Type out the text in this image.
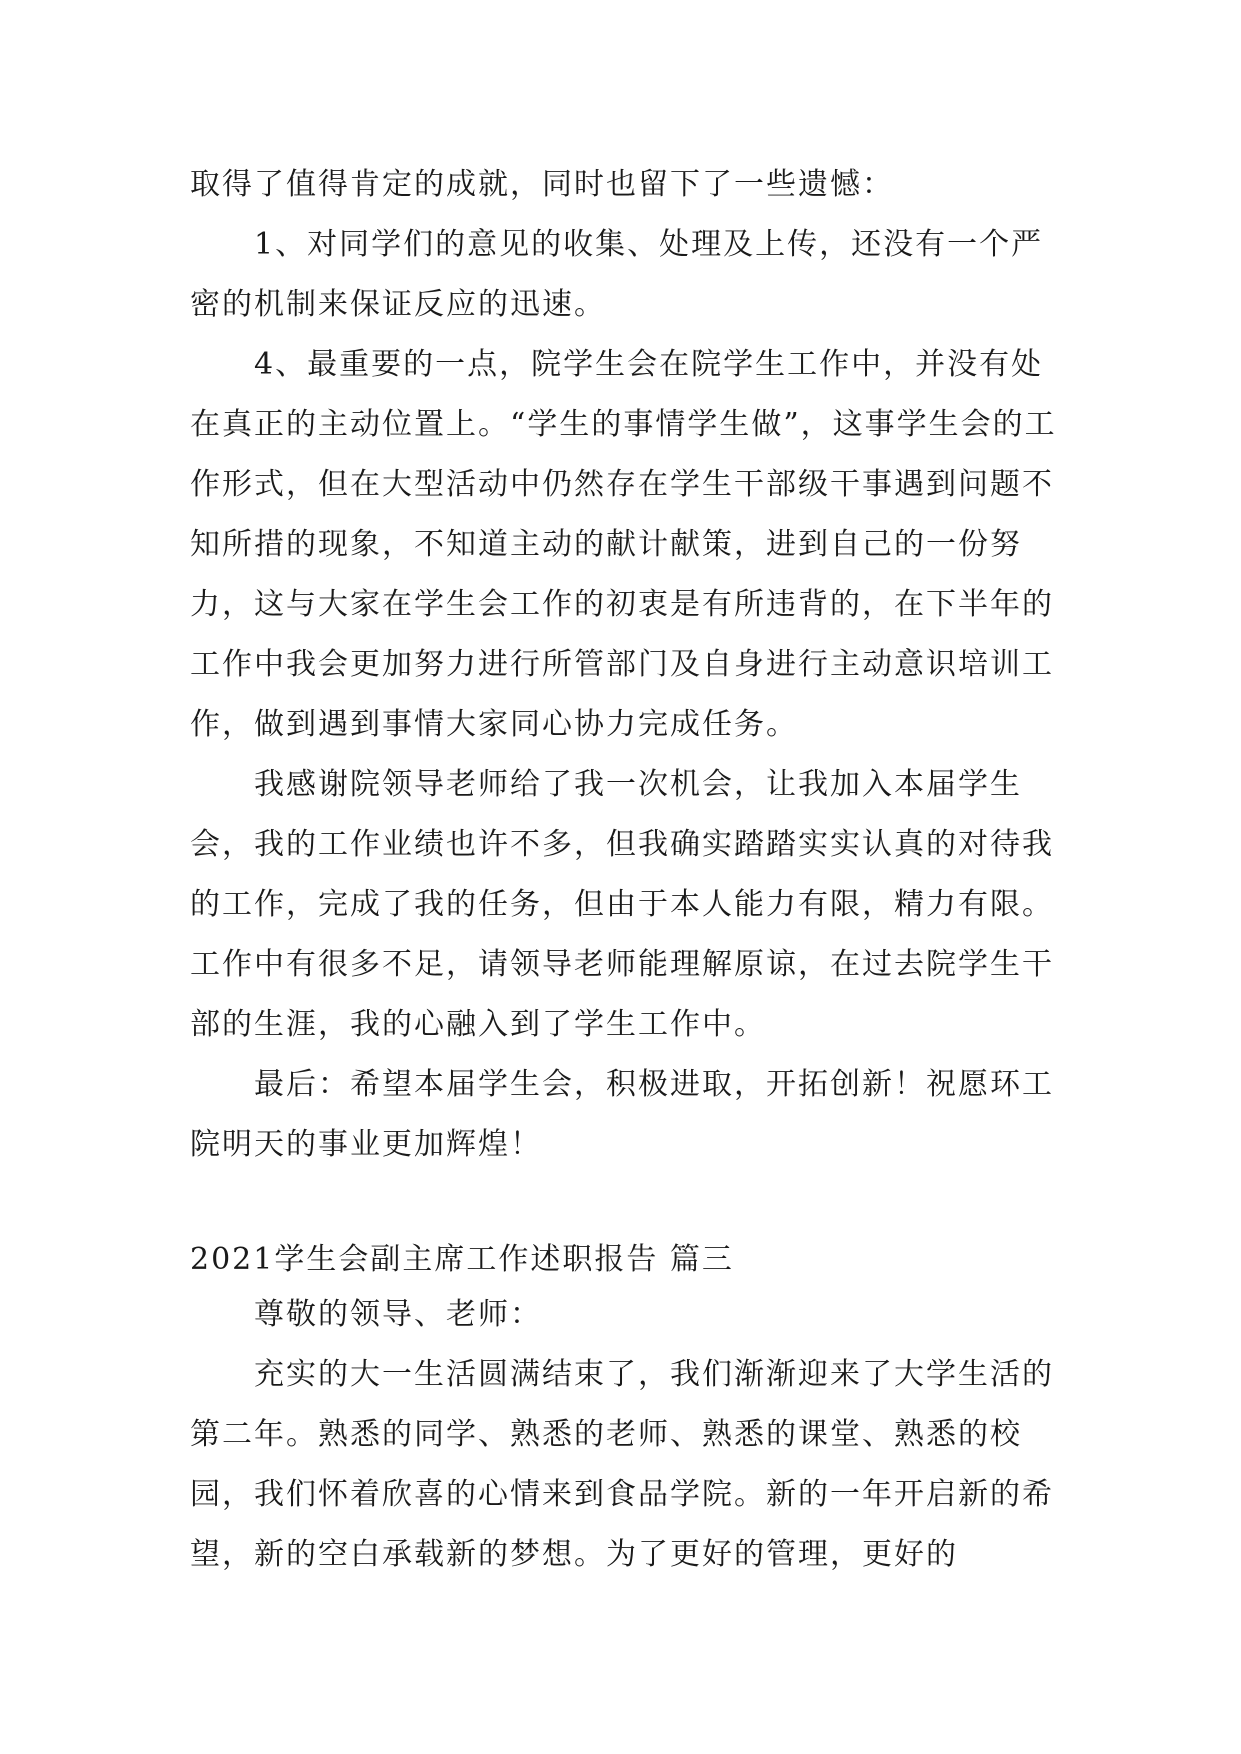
取得了值得肯定的成就，同时也留下了一些遗憾：

1、对同学们的意见的收集、处理及上传，还没有一个严密的机制来保证反应的迅速。

4、最重要的一点，院学生会在院学生工作中，并没有处在真正的主动位置上。“学生的事情学生做”，这事学生会的工作形式，但在大型活动中仍然存在学生干部级干事遇到问题不知所措的现象，不知道主动的献计献策，进到自己的一份努力，这与大家在学生会工作的初衷是有所违背的，在下半年的工作中我会更加努力进行所管部门及自身进行主动意识培训工作，做到遇到事情大家同心协力完成任务。

我感谢院领导老师给了我一次机会，让我加入本届学生会，我的工作业绩也许不多，但我确实踏踏实实认真的对待我的工作，完成了我的任务，但由于本人能力有限，精力有限。工作中有很多不足，请领导老师能理解原谅，在过去院学生干部的生涯，我的心融入到了学生工作中。

最后：希望本届学生会，积极进取，开拓创新！祝愿环工院明天的事业更加辉煌！

2021学生会副主席工作述职报告 篇三

尊敬的领导、老师：

充实的大一生活圆满结束了，我们渐渐迎来了大学生活的第二年。熟悉的同学、熟悉的老师、熟悉的课堂、熟悉的校园，我们怀着欣喜的心情来到食品学院。新的一年开启新的希望，新的空白承载新的梦想。为了更好的管理，更好的
